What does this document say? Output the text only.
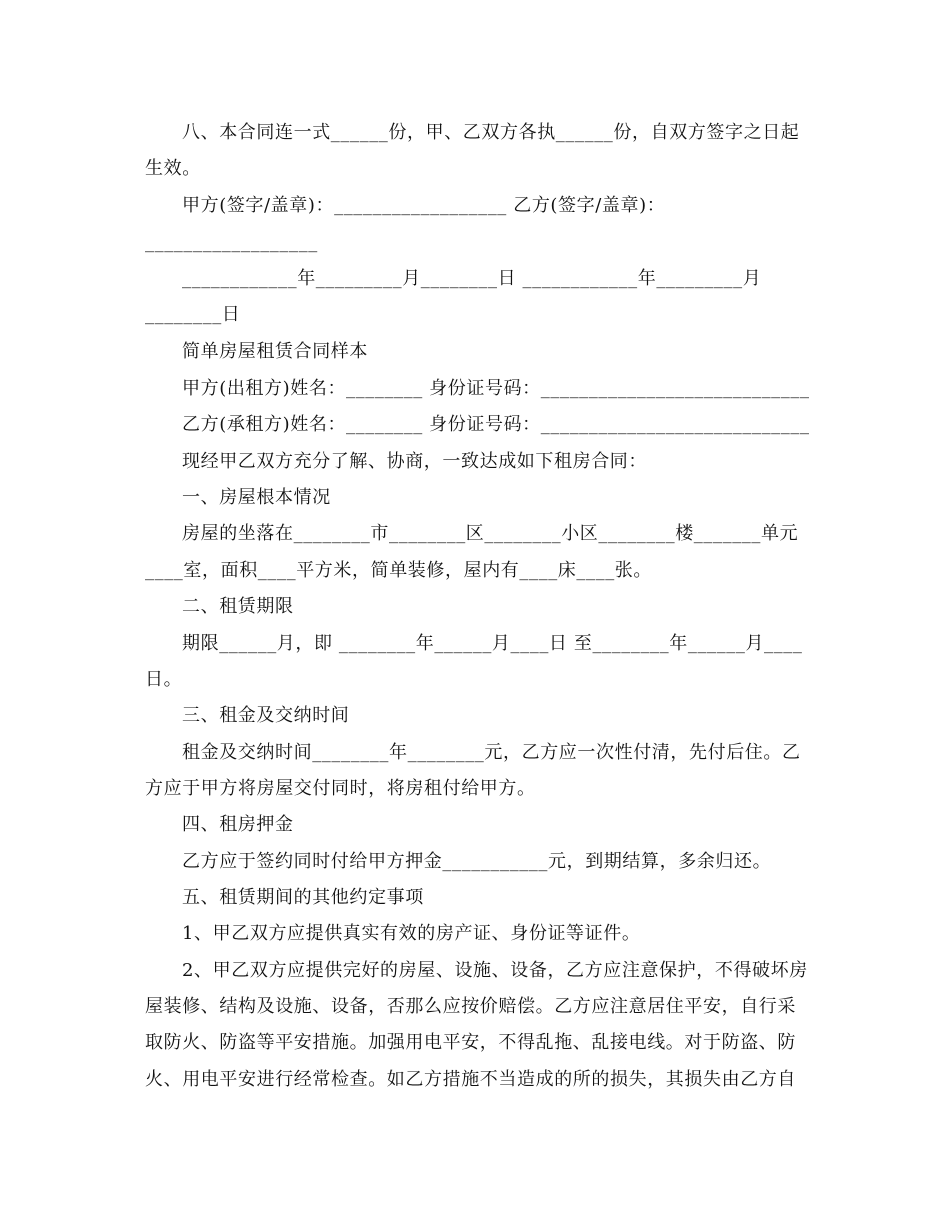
八、本合同连一式______份，甲、乙双方各执______份，自双方签字之日起
生效。
甲方(签字/盖章)：__________________ 乙方(签字/盖章)：
__________________
____________年_________月________日 ____________年_________月
________日
简单房屋租赁合同样本
甲方(出租方)姓名：________ 身份证号码：____________________________
乙方(承租方)姓名：________ 身份证号码：____________________________
现经甲乙双方充分了解、协商，一致达成如下租房合同：
一、房屋根本情况
房屋的坐落在________市________区________小区________楼_______单元
____室，面积____平方米，简单装修，屋内有____床____张。
二、租赁期限
期限______月，即 ________年______月____日 至________年______月____
日。
三、租金及交纳时间
租金及交纳时间________年________元，乙方应一次性付清，先付后住。乙
方应于甲方将房屋交付同时，将房租付给甲方。
四、租房押金
乙方应于签约同时付给甲方押金___________元，到期结算，多余归还。
五、租赁期间的其他约定事项
1、甲乙双方应提供真实有效的房产证、身份证等证件。
2、甲乙双方应提供完好的房屋、设施、设备，乙方应注意保护，不得破坏房
屋装修、结构及设施、设备，否那么应按价赔偿。乙方应注意居住平安，自行采
取防火、防盗等平安措施。加强用电平安，不得乱拖、乱接电线。对于防盗、防
火、用电平安进行经常检查。如乙方措施不当造成的所的损失，其损失由乙方自
